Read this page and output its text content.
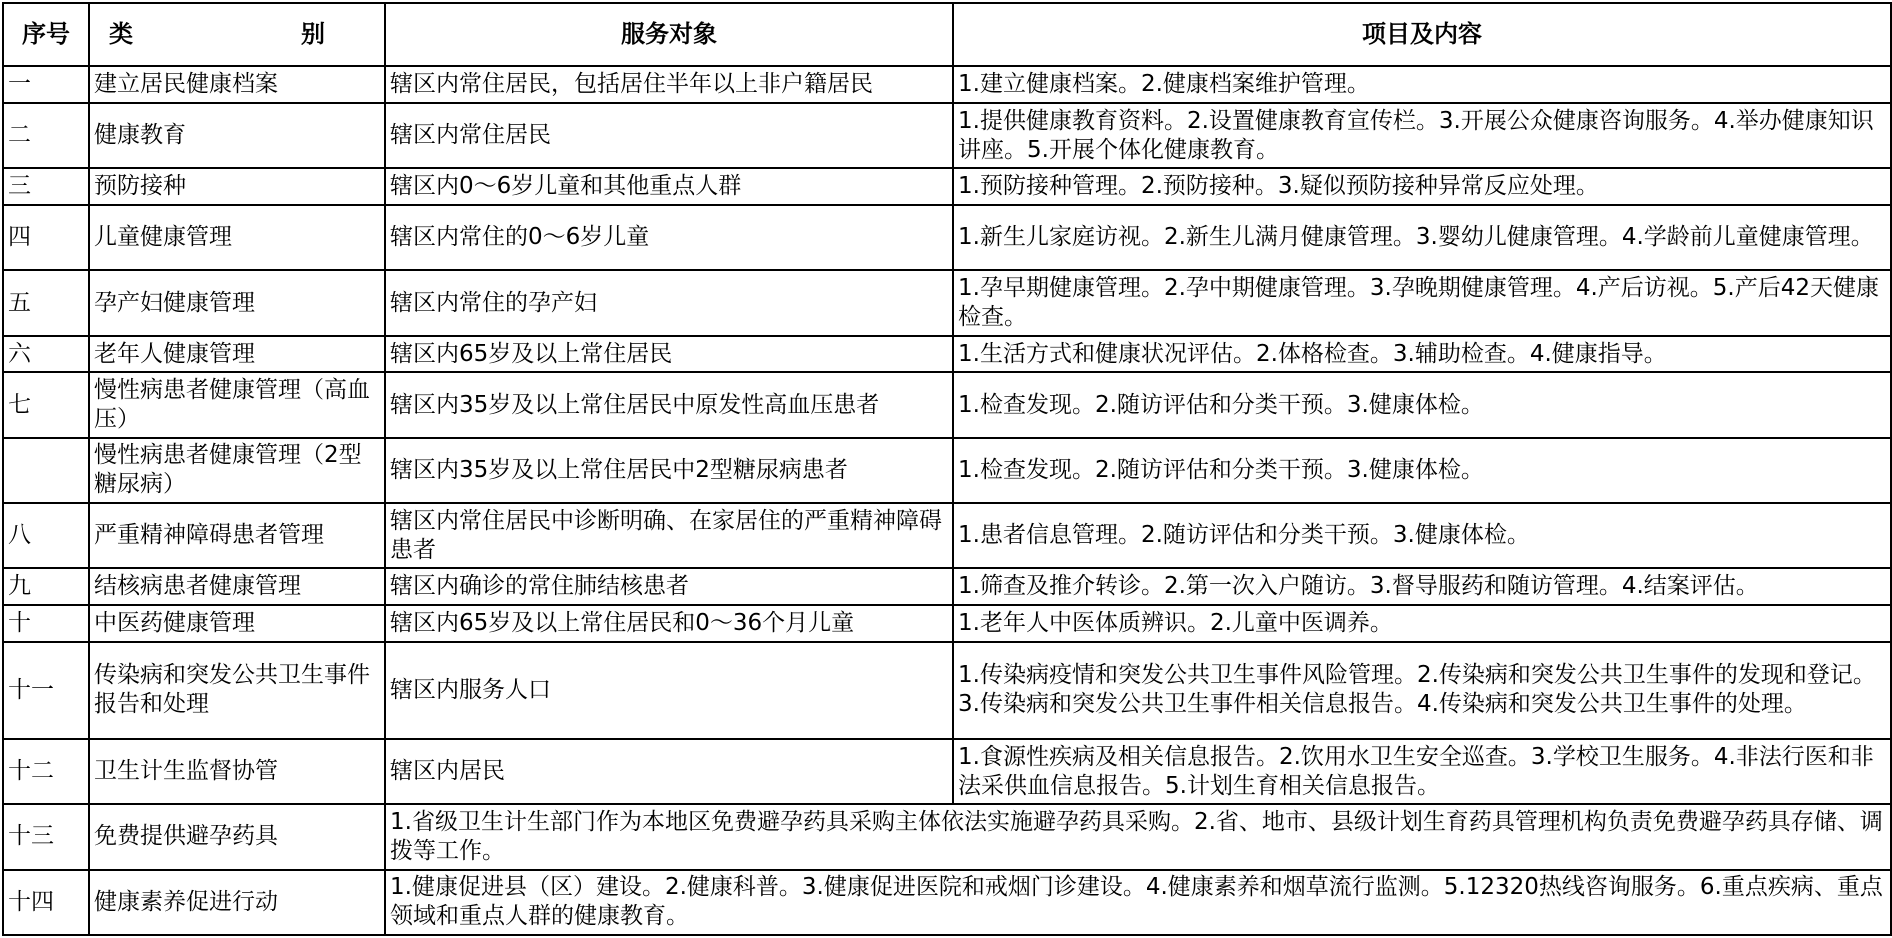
序号	类　　别	服务对象	项目及内容
一	建立居民健康档案	辖区内常住居民，包括居住半年以上非户籍居民	1.建立健康档案。2.健康档案维护管理。
二	健康教育	辖区内常住居民	1.提供健康教育资料。2.设置健康教育宣传栏。3.开展公众健康咨询服务。4.举办健康知识讲座。5.开展个体化健康教育。
三	预防接种	辖区内0～6岁儿童和其他重点人群	1.预防接种管理。2.预防接种。3.疑似预防接种异常反应处理。
四	儿童健康管理	辖区内常住的0～6岁儿童	1.新生儿家庭访视。2.新生儿满月健康管理。3.婴幼儿健康管理。4.学龄前儿童健康管理。
五	孕产妇健康管理	辖区内常住的孕产妇	1.孕早期健康管理。2.孕中期健康管理。3.孕晚期健康管理。4.产后访视。5.产后42天健康检查。
六	老年人健康管理	辖区内65岁及以上常住居民	1.生活方式和健康状况评估。2.体格检查。3.辅助检查。4.健康指导。
七	慢性病患者健康管理（高血压）	辖区内35岁及以上常住居民中原发性高血压患者	1.检查发现。2.随访评估和分类干预。3.健康体检。
	慢性病患者健康管理（2型糖尿病）	辖区内35岁及以上常住居民中2型糖尿病患者	1.检查发现。2.随访评估和分类干预。3.健康体检。
八	严重精神障碍患者管理	辖区内常住居民中诊断明确、在家居住的严重精神障碍患者	1.患者信息管理。2.随访评估和分类干预。3.健康体检。
九	结核病患者健康管理	辖区内确诊的常住肺结核患者	1.筛查及推介转诊。2.第一次入户随访。3.督导服药和随访管理。4.结案评估。
十	中医药健康管理	辖区内65岁及以上常住居民和0～36个月儿童	1.老年人中医体质辨识。2.儿童中医调养。
十一	传染病和突发公共卫生事件报告和处理	辖区内服务人口	1.传染病疫情和突发公共卫生事件风险管理。2.传染病和突发公共卫生事件的发现和登记。3.传染病和突发公共卫生事件相关信息报告。4.传染病和突发公共卫生事件的处理。
十二	卫生计生监督协管	辖区内居民	1.食源性疾病及相关信息报告。2.饮用水卫生安全巡查。3.学校卫生服务。4.非法行医和非法采供血信息报告。5.计划生育相关信息报告。
十三	免费提供避孕药具	1.省级卫生计生部门作为本地区免费避孕药具采购主体依法实施避孕药具采购。2.省、地市、县级计划生育药具管理机构负责免费避孕药具存储、调拨等工作。	
十四	健康素养促进行动	1.健康促进县（区）建设。2.健康科普。3.健康促进医院和戒烟门诊建设。4.健康素养和烟草流行监测。5.12320热线咨询服务。6.重点疾病、重点领域和重点人群的健康教育。	
